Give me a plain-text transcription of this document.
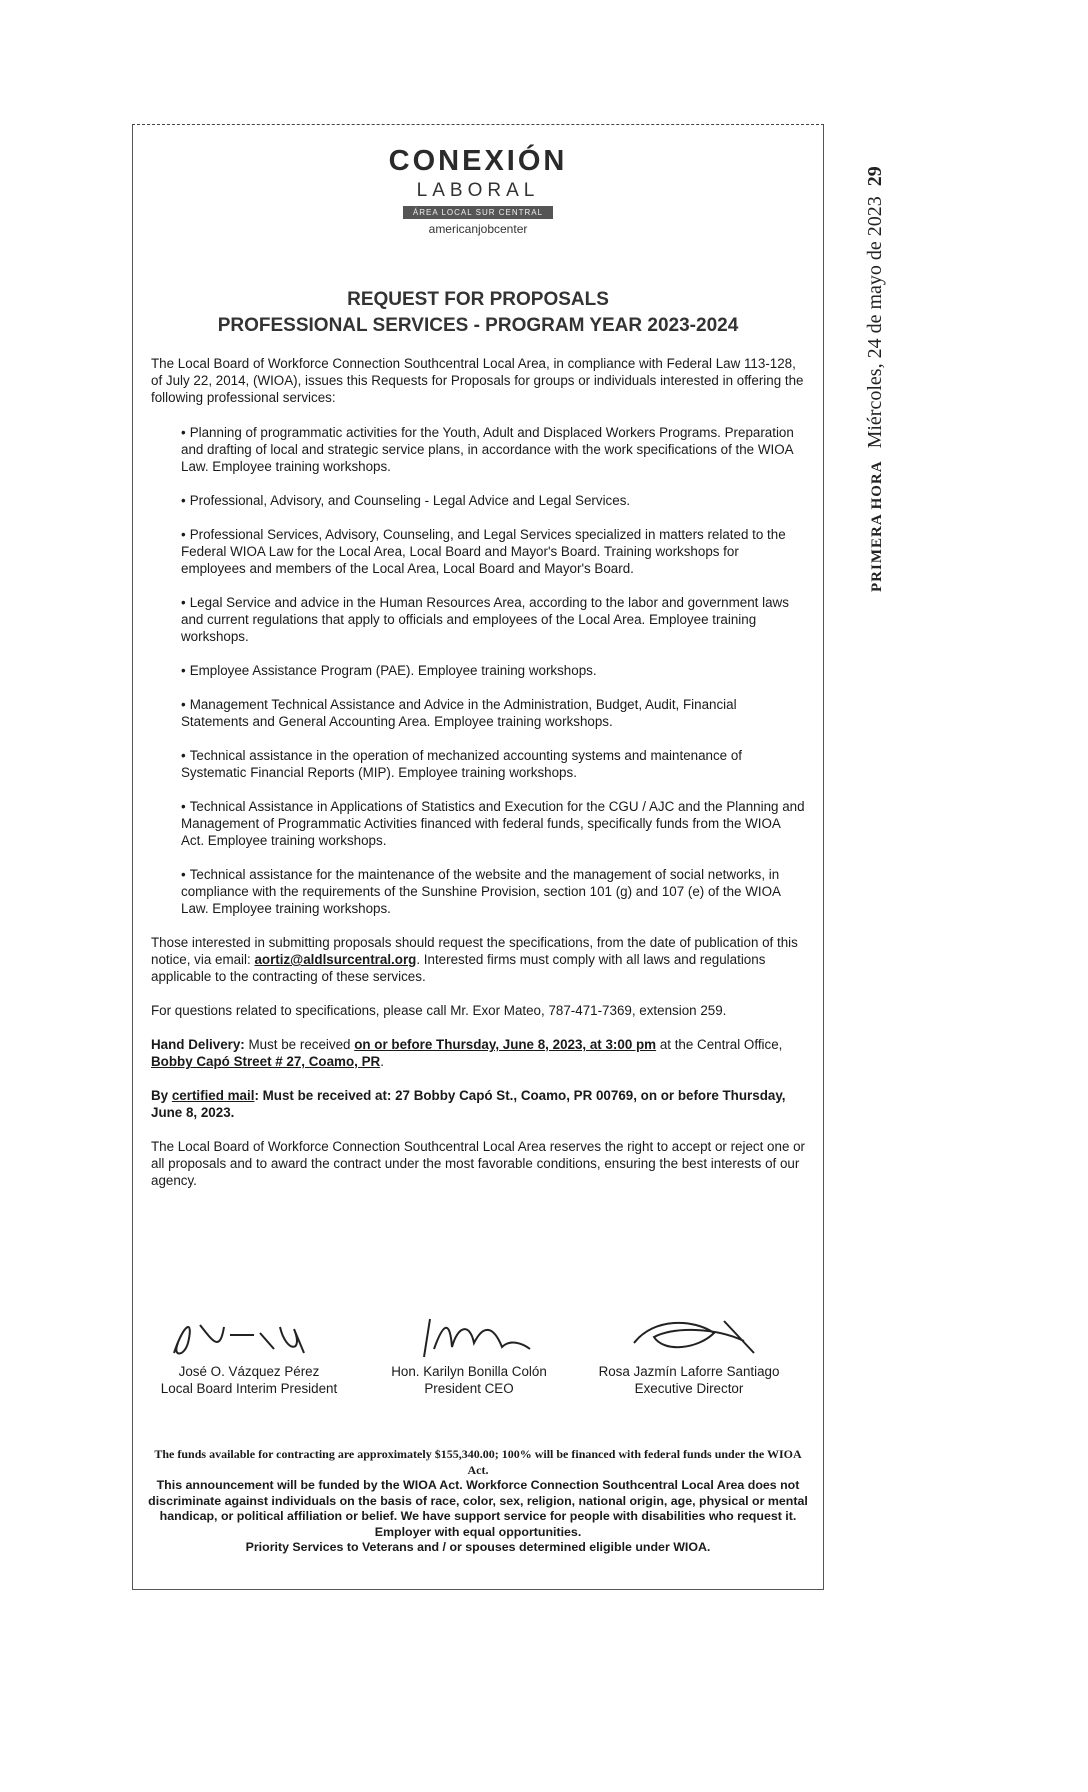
CONEXIÓN
LABORAL
ÁREA LOCAL SUR CENTRAL
americanjobcenter
REQUEST FOR PROPOSALS
PROFESSIONAL SERVICES - PROGRAM YEAR 2023-2024

The Local Board of Workforce Connection Southcentral Local Area, in compliance with Federal Law 113-128, of July 22, 2014, (WIOA), issues this Requests for Proposals for groups or individuals interested in offering the following professional services:

• Planning of programmatic activities for the Youth, Adult and Displaced Workers Programs. Preparation and drafting of local and strategic service plans, in accordance with the work specifications of the WIOA Law. Employee training workshops.
• Professional, Advisory, and Counseling - Legal Advice and Legal Services.
• Professional Services, Advisory, Counseling, and Legal Services specialized in matters related to the Federal WIOA Law for the Local Area, Local Board and Mayor's Board. Training workshops for employees and members of the Local Area, Local Board and Mayor's Board.
• Legal Service and advice in the Human Resources Area, according to the labor and government laws and current regulations that apply to officials and employees of the Local Area. Employee training workshops.
• Employee Assistance Program (PAE). Employee training workshops.
• Management Technical Assistance and Advice in the Administration, Budget, Audit, Financial Statements and General Accounting Area. Employee training workshops.
• Technical assistance in the operation of mechanized accounting systems and maintenance of Systematic Financial Reports (MIP). Employee training workshops.
• Technical Assistance in Applications of Statistics and Execution for the CGU / AJC and the Planning and Management of Programmatic Activities financed with federal funds, specifically funds from the WIOA Act. Employee training workshops.
• Technical assistance for the maintenance of the website and the management of social networks, in compliance with the requirements of the Sunshine Provision, section 101 (g) and 107 (e) of the WIOA Law. Employee training workshops.

Those interested in submitting proposals should request the specifications, from the date of publication of this notice, via email: aortiz@aldlsurcentral.org. Interested firms must comply with all laws and regulations applicable to the contracting of these services.

For questions related to specifications, please call Mr. Exor Mateo, 787-471-7369, extension 259.

Hand Delivery: Must be received on or before Thursday, June 8, 2023, at 3:00 pm at the Central Office, Bobby Capó Street # 27, Coamo, PR.

By certified mail: Must be received at: 27 Bobby Capó St., Coamo, PR 00769, on or before Thursday, June 8, 2023.

The Local Board of Workforce Connection Southcentral Local Area reserves the right to accept or reject one or all proposals and to award the contract under the most favorable conditions, ensuring the best interests of our agency.

José O. Vázquez Pérez
Local Board Interim President
Hon. Karilyn Bonilla Colón
President CEO
Rosa Jazmín Laforre Santiago
Executive Director
The funds available for contracting are approximately $155,340.00; 100% will be financed with federal funds under the WIOA Act.
This announcement will be funded by the WIOA Act. Workforce Connection Southcentral Local Area does not discriminate against individuals on the basis of race, color, sex, religion, national origin, age, physical or mental handicap, or political affiliation or belief. We have support service for people with disabilities who request it. Employer with equal opportunities.
Priority Services to Veterans and / or spouses determined eligible under WIOA.
PRIMERA HORAMiércoles, 24 de mayo de 202329
